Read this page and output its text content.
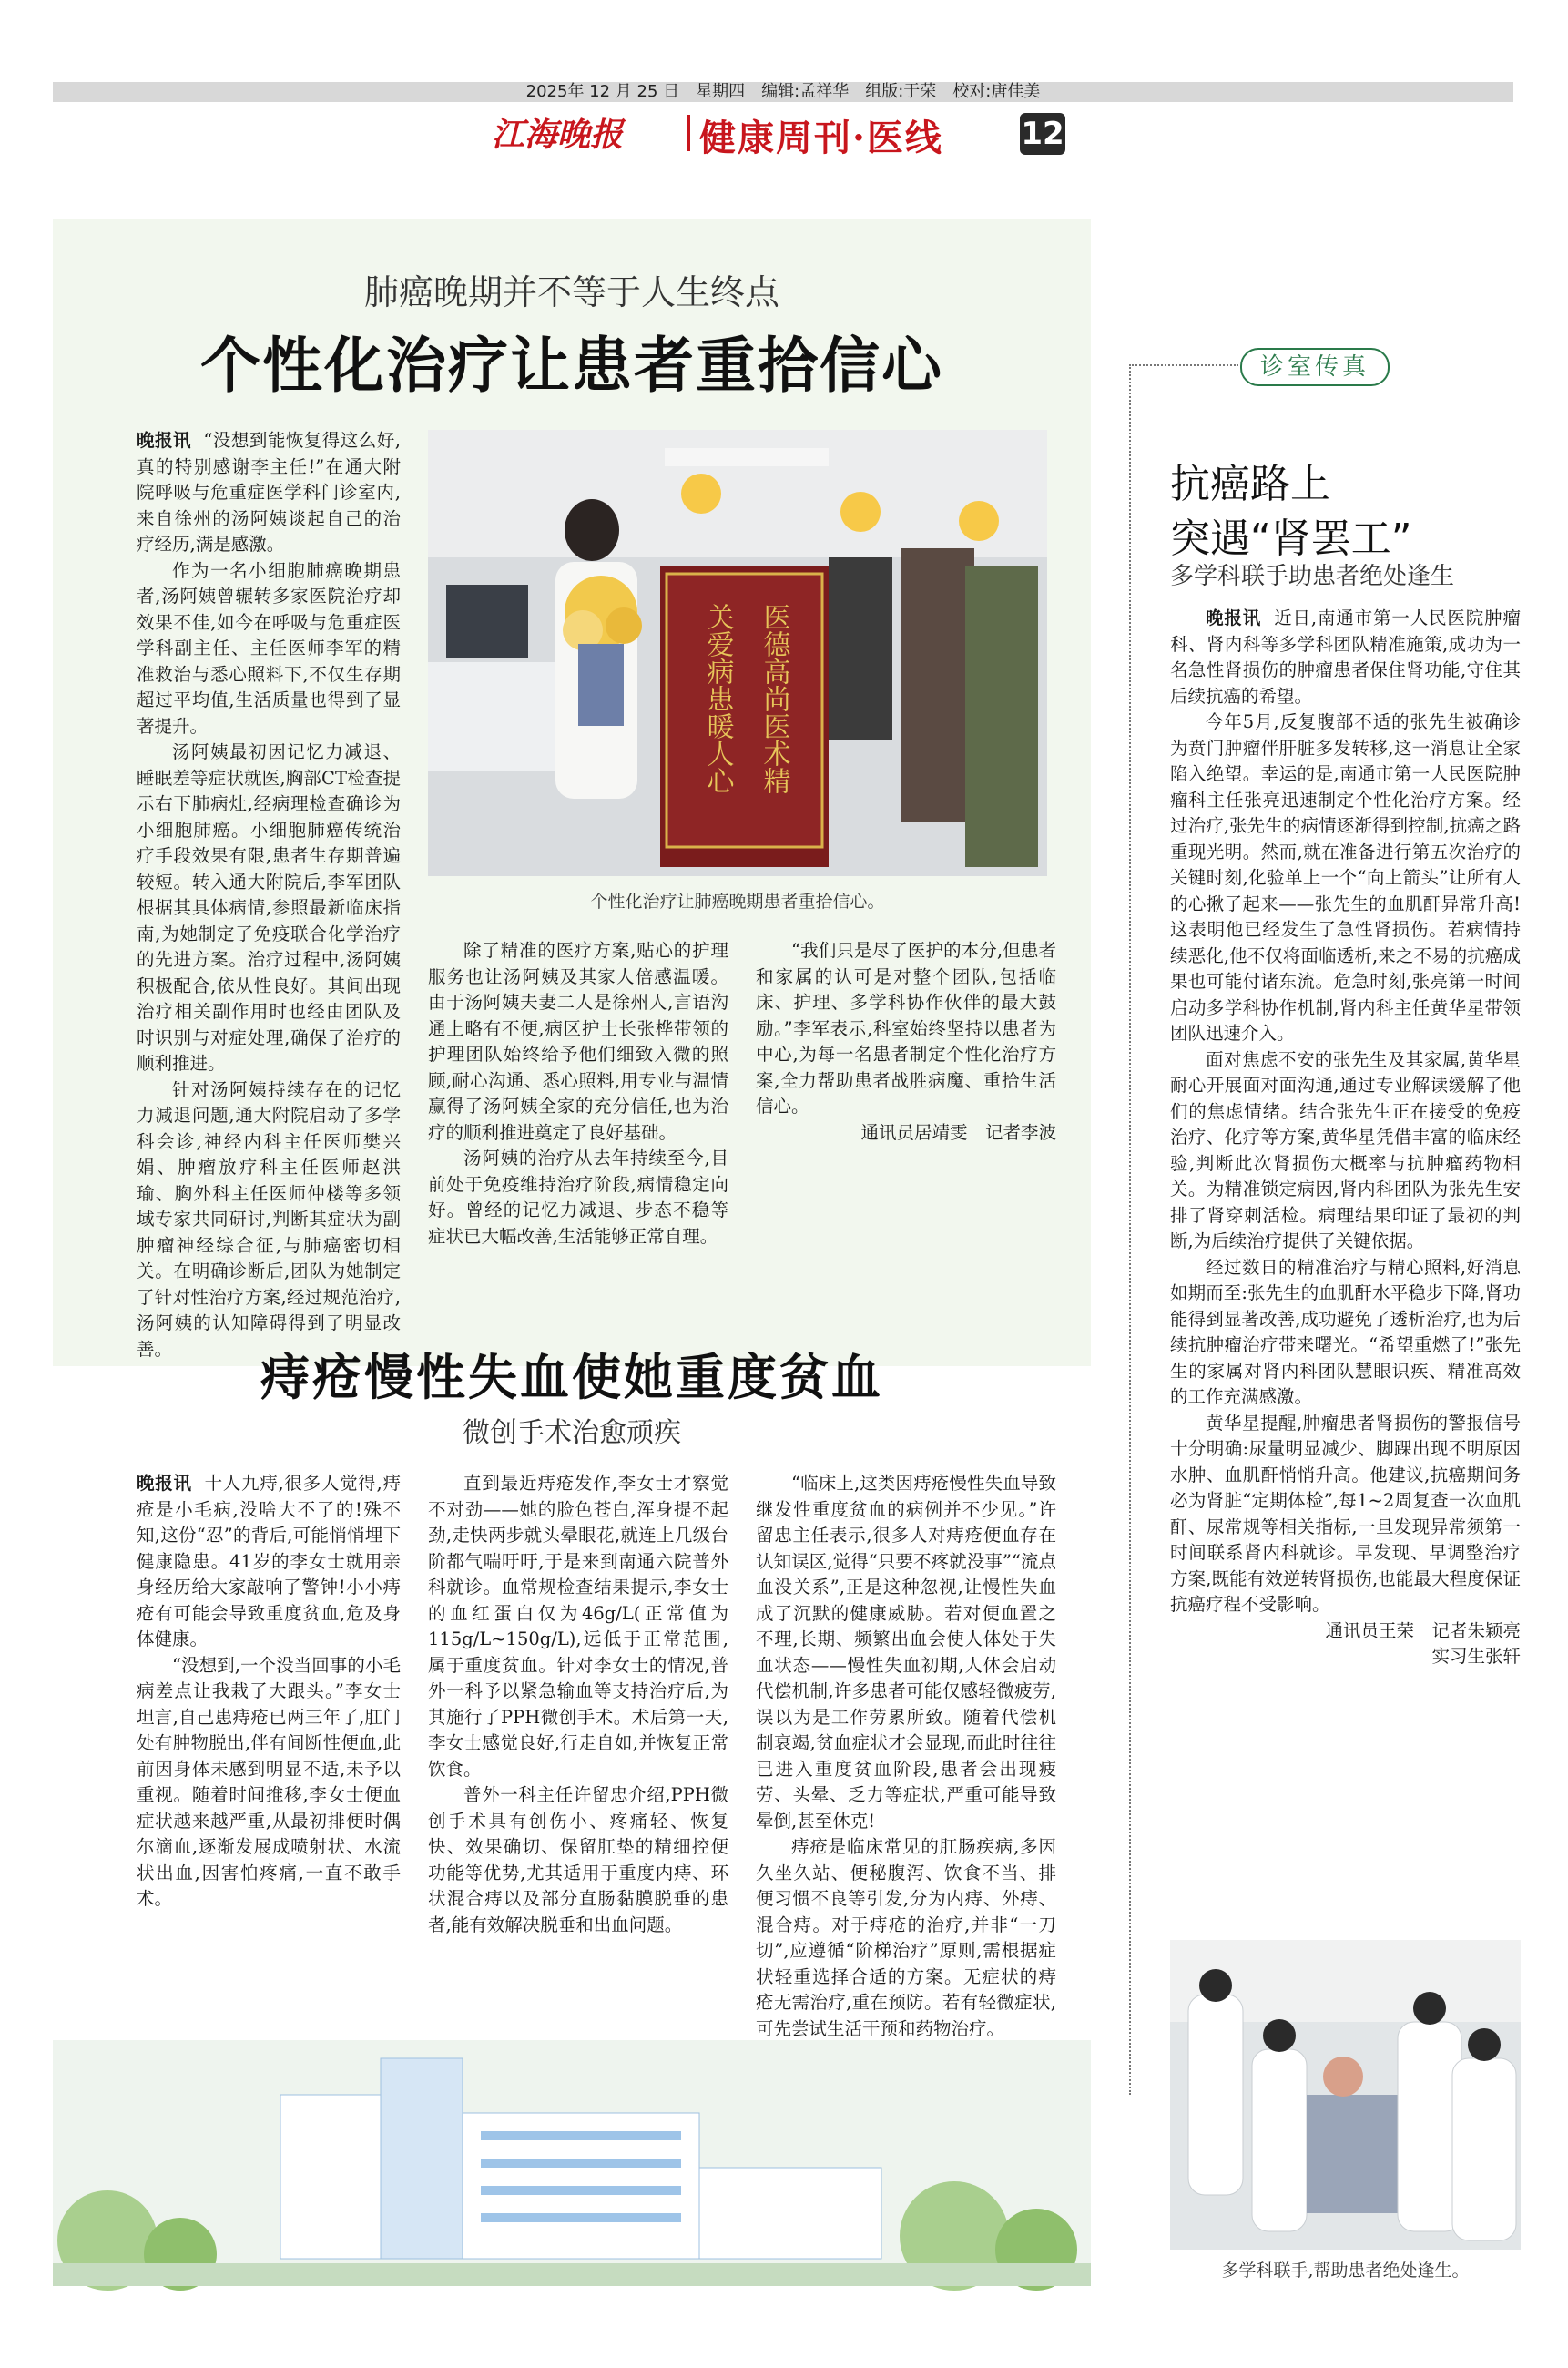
2025年 12 月 25 日　星期四　编辑:孟祥华　组版:于荣　校对:唐佳美
江海晚报 健康周刊·医线	12
肺癌晚期并不等于人生终点
个性化治疗让患者重拾信心

晚报讯 “没想到能恢复得这么好,真的特别感谢李主任!”在通大附院呼吸与危重症医学科门诊室内,来自徐州的汤阿姨谈起自己的治疗经历,满是感激。

作为一名小细胞肺癌晚期患者,汤阿姨曾辗转多家医院治疗却效果不佳,如今在呼吸与危重症医学科副主任、主任医师李军的精准救治与悉心照料下,不仅生存期超过平均值,生活质量也得到了显著提升。

汤阿姨最初因记忆力减退、睡眠差等症状就医,胸部CT检查提示右下肺病灶,经病理检查确诊为小细胞肺癌。小细胞肺癌传统治疗手段效果有限,患者生存期普遍较短。转入通大附院后,李军团队根据其具体病情,参照最新临床指南,为她制定了免疫联合化学治疗的先进方案。治疗过程中,汤阿姨积极配合,依从性良好。其间出现治疗相关副作用时也经由团队及时识别与对症处理,确保了治疗的顺利推进。

针对汤阿姨持续存在的记忆力减退问题,通大附院启动了多学科会诊,神经内科主任医师樊兴娟、肿瘤放疗科主任医师赵洪瑜、胸外科主任医师仲楼等多领域专家共同研讨,判断其症状为副肿瘤神经综合征,与肺癌密切相关。在明确诊断后,团队为她制定了针对性治疗方案,经过规范治疗,汤阿姨的认知障碍得到了明显改善。

医德高尚医术精
关爱病患暖人心
个性化治疗让肺癌晚期患者重拾信心。

除了精准的医疗方案,贴心的护理服务也让汤阿姨及其家人倍感温暖。由于汤阿姨夫妻二人是徐州人,言语沟通上略有不便,病区护士长张桦带领的护理团队始终给予他们细致入微的照顾,耐心沟通、悉心照料,用专业与温情赢得了汤阿姨全家的充分信任,也为治疗的顺利推进奠定了良好基础。

汤阿姨的治疗从去年持续至今,目前处于免疫维持治疗阶段,病情稳定向好。曾经的记忆力减退、步态不稳等症状已大幅改善,生活能够正常自理。

“我们只是尽了医护的本分,但患者和家属的认可是对整个团队,包括临床、护理、多学科协作伙伴的最大鼓励。”李军表示,科室始终坚持以患者为中心,为每一名患者制定个性化治疗方案,全力帮助患者战胜病魔、重拾生活信心。

通讯员居靖雯　记者李波

痔疮慢性失血使她重度贫血
微创手术治愈顽疾

晚报讯 十人九痔,很多人觉得,痔疮是小毛病,没啥大不了的!殊不知,这份“忍”的背后,可能悄悄埋下健康隐患。41岁的李女士就用亲身经历给大家敲响了警钟!小小痔疮有可能会导致重度贫血,危及身体健康。

“没想到,一个没当回事的小毛病差点让我栽了大跟头。”李女士坦言,自己患痔疮已两三年了,肛门处有肿物脱出,伴有间断性便血,此前因身体未感到明显不适,未予以重视。随着时间推移,李女士便血症状越来越严重,从最初排便时偶尔滴血,逐渐发展成喷射状、水流状出血,因害怕疼痛,一直不敢手术。

直到最近痔疮发作,李女士才察觉不对劲——她的脸色苍白,浑身提不起劲,走快两步就头晕眼花,就连上几级台阶都气喘吁吁,于是来到南通六院普外科就诊。血常规检查结果提示,李女士的血红蛋白仅为46g/L(正常值为115g/L~150g/L),远低于正常范围,属于重度贫血。针对李女士的情况,普外一科予以紧急输血等支持治疗后,为其施行了PPH微创手术。术后第一天,李女士感觉良好,行走自如,并恢复正常饮食。

普外一科主任许留忠介绍,PPH微创手术具有创伤小、疼痛轻、恢复快、效果确切、保留肛垫的精细控便功能等优势,尤其适用于重度内痔、环状混合痔以及部分直肠黏膜脱垂的患者,能有效解决脱垂和出血问题。

“临床上,这类因痔疮慢性失血导致继发性重度贫血的病例并不少见。”许留忠主任表示,很多人对痔疮便血存在认知误区,觉得“只要不疼就没事”“流点血没关系”,正是这种忽视,让慢性失血成了沉默的健康威胁。若对便血置之不理,长期、频繁出血会使人体处于失血状态——慢性失血初期,人体会启动代偿机制,许多患者可能仅感轻微疲劳,误以为是工作劳累所致。随着代偿机制衰竭,贫血症状才会显现,而此时往往已进入重度贫血阶段,患者会出现疲劳、头晕、乏力等症状,严重可能导致晕倒,甚至休克!

痔疮是临床常见的肛肠疾病,多因久坐久站、便秘腹泻、饮食不当、排便习惯不良等引发,分为内痔、外痔、混合痔。对于痔疮的治疗,并非“一刀切”,应遵循“阶梯治疗”原则,需根据症状轻重选择合适的方案。无症状的痔疮无需治疗,重在预防。若有轻微症状,可先尝试生活干预和药物治疗。

诊室传真
抗癌路上
突遇“肾罢工”
多学科联手助患者绝处逢生

晚报讯 近日,南通市第一人民医院肿瘤科、肾内科等多学科团队精准施策,成功为一名急性肾损伤的肿瘤患者保住肾功能,守住其后续抗癌的希望。

今年5月,反复腹部不适的张先生被确诊为贲门肿瘤伴肝脏多发转移,这一消息让全家陷入绝望。幸运的是,南通市第一人民医院肿瘤科主任张亮迅速制定个性化治疗方案。经过治疗,张先生的病情逐渐得到控制,抗癌之路重现光明。然而,就在准备进行第五次治疗的关键时刻,化验单上一个“向上箭头”让所有人的心揪了起来——张先生的血肌酐异常升高!这表明他已经发生了急性肾损伤。若病情持续恶化,他不仅将面临透析,来之不易的抗癌成果也可能付诸东流。危急时刻,张亮第一时间启动多学科协作机制,肾内科主任黄华星带领团队迅速介入。

面对焦虑不安的张先生及其家属,黄华星耐心开展面对面沟通,通过专业解读缓解了他们的焦虑情绪。结合张先生正在接受的免疫治疗、化疗等方案,黄华星凭借丰富的临床经验,判断此次肾损伤大概率与抗肿瘤药物相关。为精准锁定病因,肾内科团队为张先生安排了肾穿刺活检。病理结果印证了最初的判断,为后续治疗提供了关键依据。

经过数日的精准治疗与精心照料,好消息如期而至:张先生的血肌酐水平稳步下降,肾功能得到显著改善,成功避免了透析治疗,也为后续抗肿瘤治疗带来曙光。“希望重燃了!”张先生的家属对肾内科团队慧眼识疾、精准高效的工作充满感激。

黄华星提醒,肿瘤患者肾损伤的警报信号十分明确:尿量明显减少、脚踝出现不明原因水肿、血肌酐悄悄升高。他建议,抗癌期间务必为肾脏“定期体检”,每1~2周复查一次血肌酐、尿常规等相关指标,一旦发现异常须第一时间联系肾内科就诊。早发现、早调整治疗方案,既能有效逆转肾损伤,也能最大程度保证抗癌疗程不受影响。

通讯员王荣　记者朱颖亮

实习生张轩

多学科联手,帮助患者绝处逢生。
